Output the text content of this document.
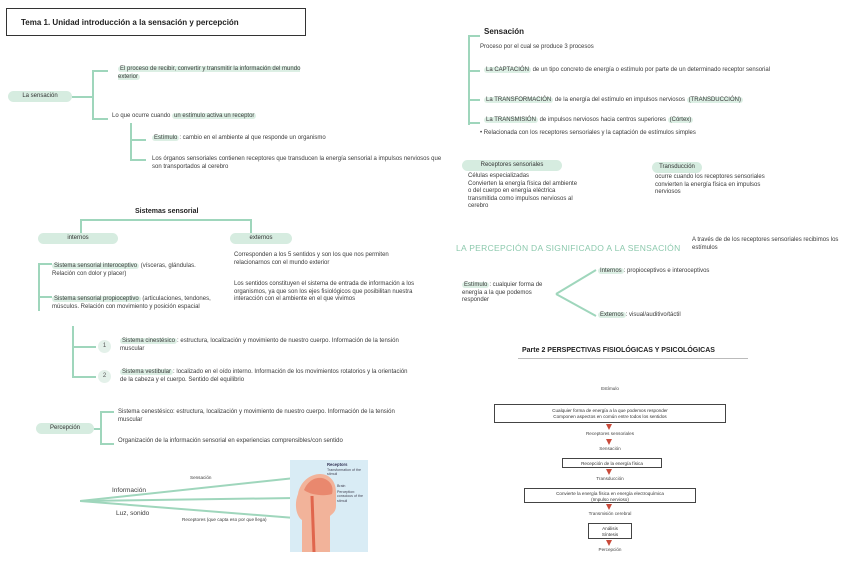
Tema 1. Unidad introducción a la sensación y percepción
La sensación
El proceso de recibir, convertir y transmitir la información del mundo exterior
Lo que ocurre cuando un estímulo activa un receptor
Estímulo : cambio en el ambiente al que responde un organismo
Los órganos sensoriales contienen receptores que transducen la energía sensorial a impulsos nerviosos que son transportados al cerebro
Sistemas sensorial
internos	externos
Sistema sensorial interoceptivo (vísceras, glándulas. Relación con dolor y placer)
Sistema sensorial propioceptivo (articulaciones, tendones, músculos. Relación con movimiento y posición espacial
Corresponden a los 5 sentidos y son los que nos permiten relacionarnos con el mundo exterior
Los sentidos constituyen el sistema de entrada de información a los organismos, ya que son los ejes fisiológicos que posibilitan nuestra interacción con el ambiente en el que vivimos
1
2
Sistema cinestésico : estructura, localización y movimiento de nuestro cuerpo. Información de la tensión muscular
Sistema vestibular : localizado en el oído interno. Información de los movimientos rotatorios y la orientación de la cabeza y el cuerpo. Sentido del equilibrio
Percepción
Sistema cenestésico: estructura, localización y movimiento de nuestro cuerpo. Información de la tensión muscular
Organización de la información sensorial en experiencias comprensibles/con sentido
Información
Luz, sonido
Sensación
Receptores (que capta eso por que llega)
Receptors
Transformation of the stimuli
Brain
Perception: conscious of the stimuli
Sensación
Proceso por el cual se produce 3 procesos
La CAPTACIÓN de un tipo concreto de energía o estímulo por parte de un determinado receptor sensorial
La TRANSFORMACIÓN de la energía del estímulo en impulsos nerviosos (TRANSDUCCIÓN)
La TRANSMISIÓN de impulsos nerviosos hacia centros superiores (Córtex)
• Relacionada con los receptores sensoriales y la captación de estímulos simples
Receptores sensoriales
Células especializadas
Convierten la energía física del ambiente
o del cuerpo en energía eléctrica
transmitida como impulsos nerviosos al
cerebro
Transducción
ocurre cuando los receptores sensoriales
convierten la energía física en impulsos
nerviosos
LA PERCEPCIÓN DA SIGNIFICADO A LA SENSACIÓN
A través de de los receptores sensoriales recibimos los estímulos
Estímulo : cualquier forma de energía a la que podemos responder
Internos : propioceptivos e interoceptivos
Externos : visual/auditivo/táctil
Parte 2 PERSPECTIVAS FISIOLÓGICAS Y PSICOLÓGICAS
Estímulo
Cualquier forma de energía a la que podemos responder
Componen aspectos en común entre todos los sentidos
Receptores sensoriales
Sensación
Recepción de la energía física
Transducción
Convierte la energía física en energía electroquímica
(Impulso nervioso)
Transmisión cerebral
Análisis
Síntesis
Percepción
